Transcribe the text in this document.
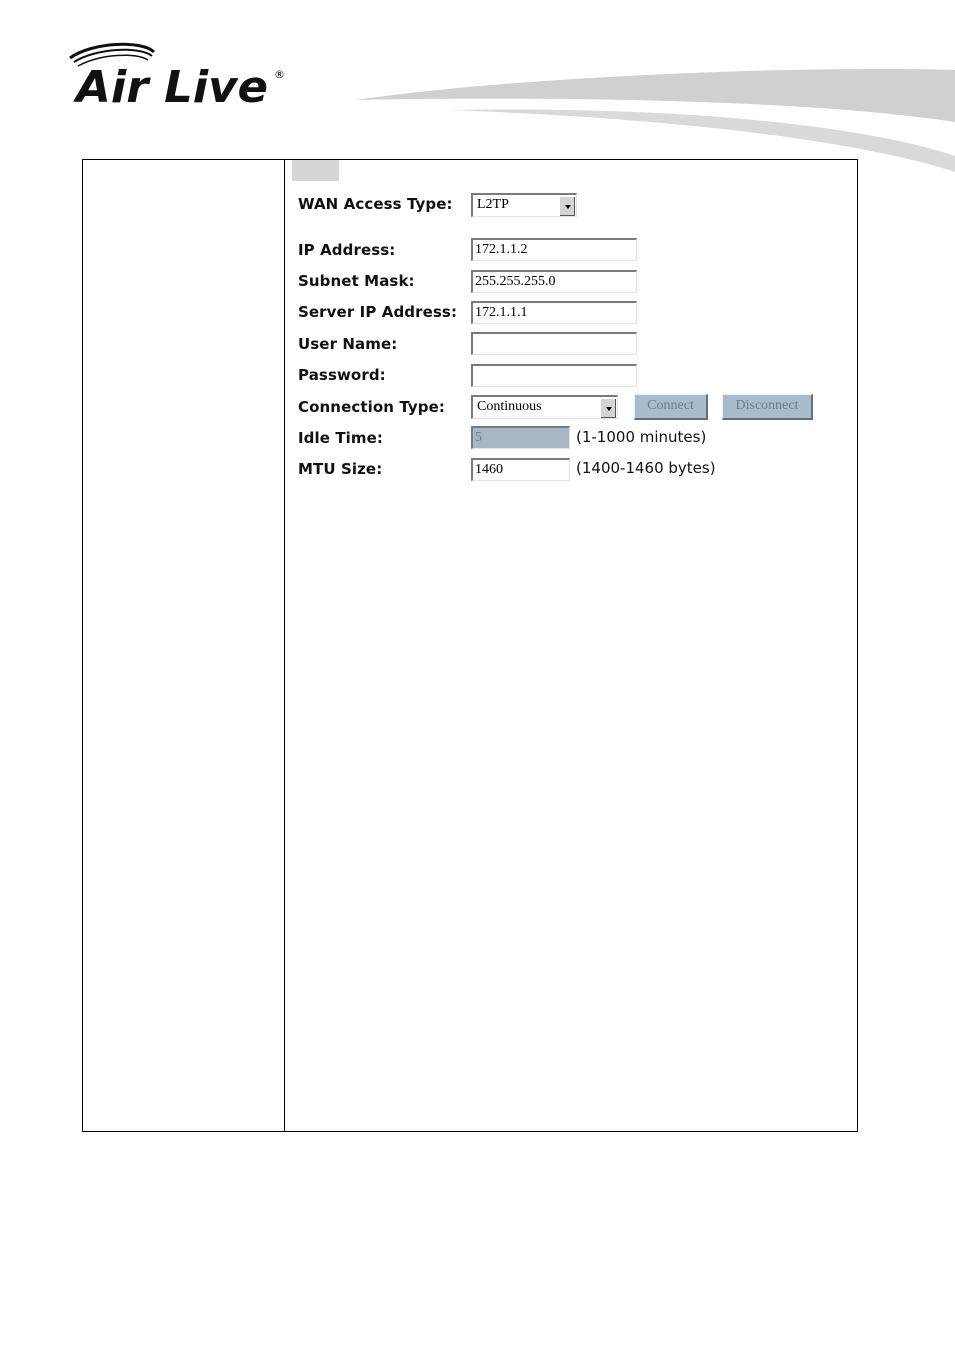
Air Live ®
WAN Access Type:	L2TP
IP Address:	172.1.1.2
Subnet Mask:	255.255.255.0
Server IP Address: 172.1.1.1
User Name:
Password:
Connection Type:	Continuous	Connect	Disconnect
Idle Time:	5	(1-1000 minutes)
MTU Size:	1460	(1400-1460 bytes)
